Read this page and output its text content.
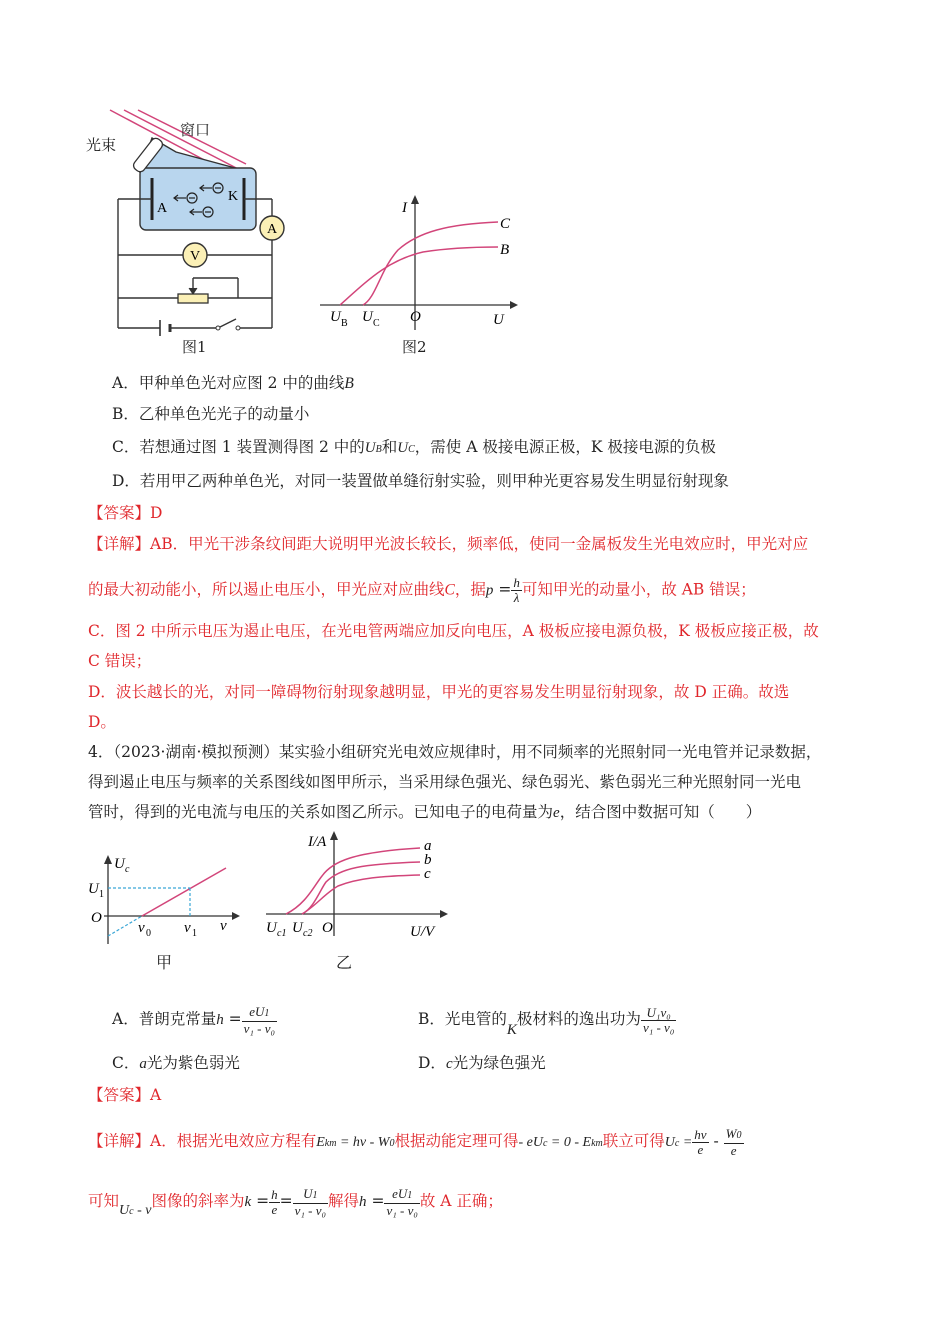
A
K
V
A
光束
窗口
图1
I
C
B
U B U C O	U
图2
A．甲种单色光对应图 2 中的曲线B
B．乙种单色光光子的动量小
C．若想通过图 1 装置测得图 2 中的UB和UC，需使 A 极接电源正极，K 极接电源的负极
D．若用甲乙两种单色光，对同一装置做单缝衍射实验，则甲种光更容易发生明显衍射现象
【答案】D
【详解】AB．甲光干涉条纹间距大说明甲光波长较长，频率低，使同一金属板发生光电效应时，甲光对应
的最大初动能小，所以遏止电压小，甲光应对应曲线C，据$p = \frac{h}{\lambda}$ 可知甲光的动量小，故 AB 错误；
C．图 2 中所示电压为遏止电压，在光电管两端应加反向电压，A 极板应接电源负极，K 极板应接正极，故
C 错误；
D．波长越长的光，对同一障碍物衍射现象越明显，甲光的更容易发生明显衍射现象，故 D 正确。故选
D。
4．（2023·湖南·模拟预测）某实验小组研究光电效应规律时，用不同频率的光照射同一光电管并记录数据，
得到遏止电压与频率的关系图线如图甲所示，当采用绿色强光、绿色弱光、紫色弱光三种光照射同一光电
管时，得到的光电流与电压的关系如图乙所示。已知电子的电荷量为e，结合图中数据可知（　　）
U c
U 1
O
ν 0 ν 1 ν
甲
I/A	a
b
c
U c1 U c2 O	U/V
乙
A．普朗克常量$h = \frac{eU1}{\text{ν₁ - ν₀}}$	B．光电管的K极材料的逸出功为 $\frac{\text{U₁ν₀}}{\text{ν₁ - ν₀}}$
C．a光为紫色弱光	D．c光为绿色强光
【答案】A
【详解】A．根据光电效应方程有Ekm = hν - W0根据动能定理可得- eUc = 0 - Ekm联立可得$Uc = \frac{h\nu}{e} - \frac{W0}{e}$
可知Uc - ν图像的斜率为$k = \frac{h}{e} = \frac{U1}{\text{ν₁ - ν₀}}$ 解得$h = \frac{eU1}{\text{ν₁ - ν₀}}$ 故 A 正确；
